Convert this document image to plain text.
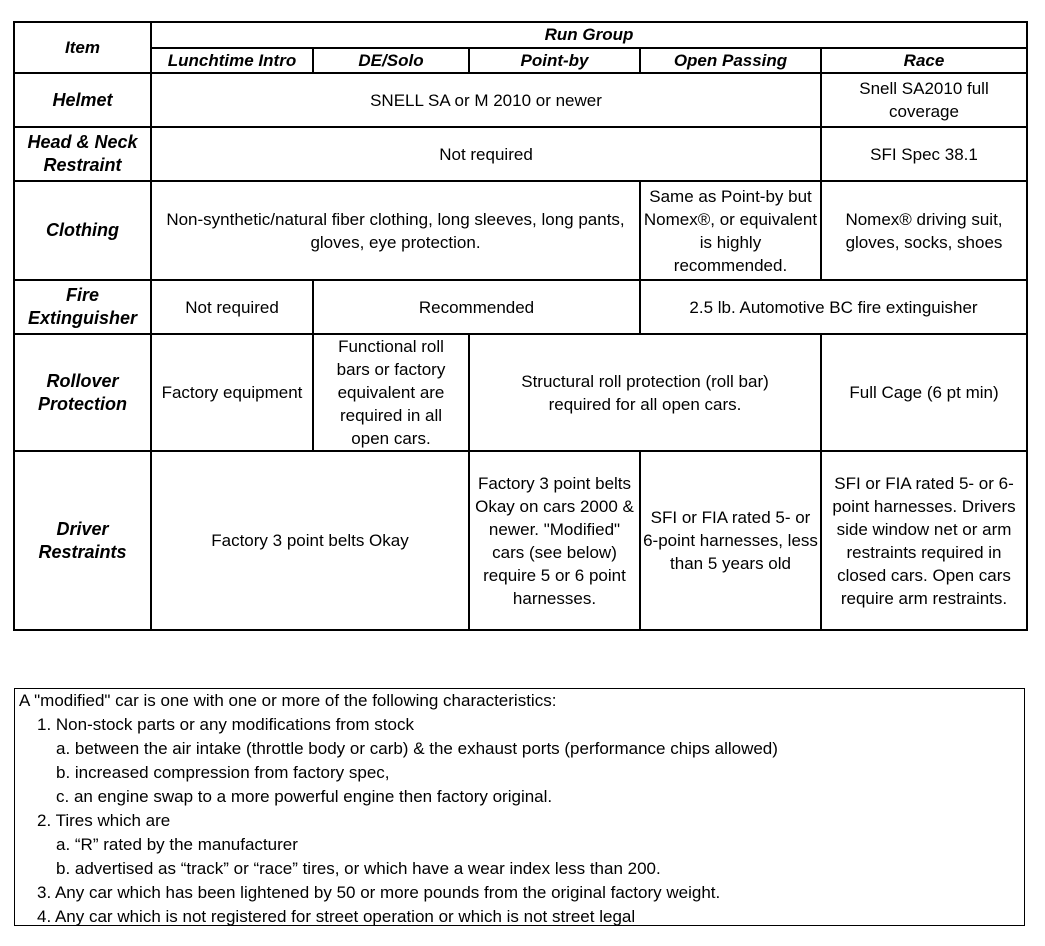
Item	Run Group				
	Lunchtime Intro	DE/Solo	Point-by	Open Passing	Race
Helmet	SNELL SA or M 2010 or newer				Snell SA2010 full coverage
Head & Neck Restraint	Not required				SFI Spec 38.1
Clothing	Non-synthetic/natural fiber clothing, long sleeves, long pants, gloves, eye protection.			Same as Point-by but Nomex®, or equivalent is highly recommended.	Nomex® driving suit, gloves, socks, shoes
Fire Extinguisher	Not required	Recommended		2.5 lb. Automotive BC fire extinguisher	
Rollover Protection	Factory equipment	Functional roll bars or factory equivalent are required in all open cars.	Structural roll protection (roll bar) required for all open cars.		Full Cage (6 pt min)
Driver Restraints	Factory 3 point belts Okay		Factory 3 point belts Okay on cars 2000 & newer. "Modified" cars (see below) require 5 or 6 point harnesses.	SFI or FIA rated 5- or 6-point harnesses, less than 5 years old	SFI or FIA rated 5- or 6-point harnesses. Drivers side window net or arm restraints required in closed cars. Open cars require arm restraints.
A "modified" car is one with one or more of the following characteristics:
1. Non-stock parts or any modifications from stock
a. between the air intake (throttle body or carb) & the exhaust ports (performance chips allowed)
b. increased compression from factory spec,
c. an engine swap to a more powerful engine then factory original.
2. Tires which are
a. “R” rated by the manufacturer
b. advertised as “track” or “race” tires, or which have a wear index less than 200.
3. Any car which has been lightened by 50 or more pounds from the original factory weight.
4. Any car which is not registered for street operation or which is not street legal
